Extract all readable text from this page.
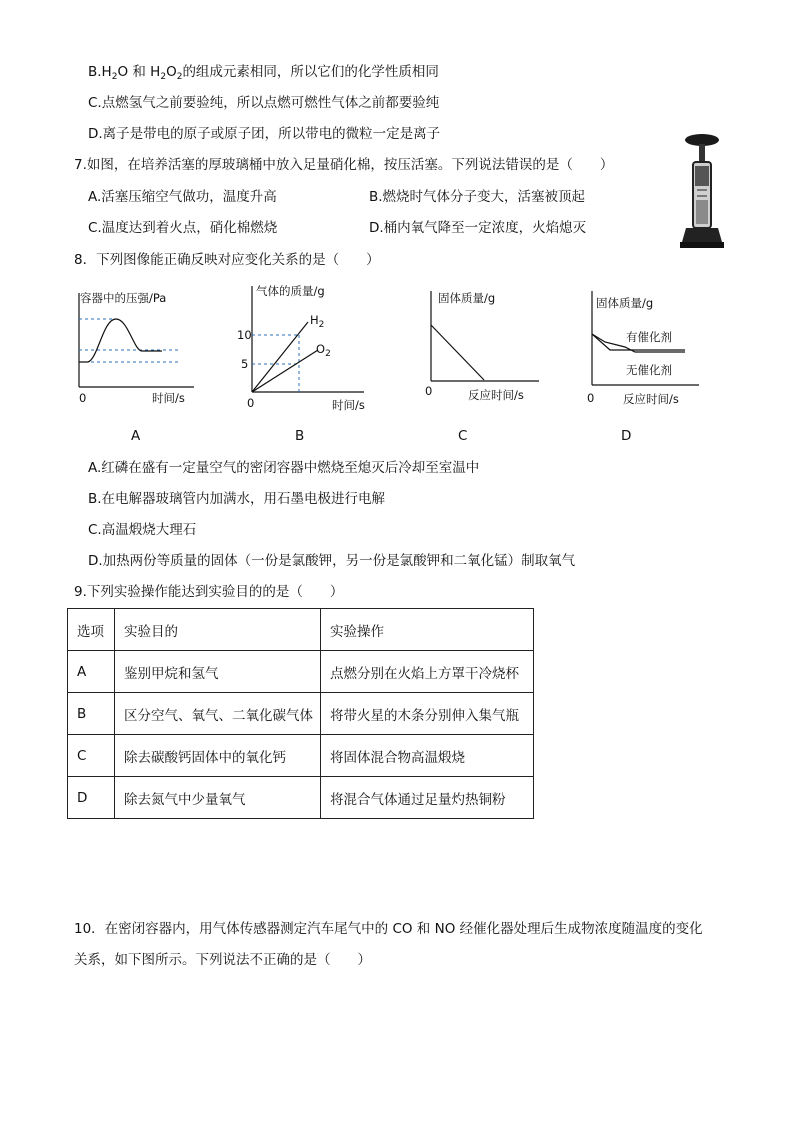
$B.H_2O$ 和 $H_2O_2$的组成元素相同，所以它们的化学性质相同
C.点燃氢气之前要验纯，所以点燃可燃性气体之前都要验纯
D.离子是带电的原子或原子团，所以带电的微粒一定是离子
7.如图，在培养活塞的厚玻璃桶中放入足量硝化棉，按压活塞。下列说法错误的是（　　）
A.活塞压缩空气做功，温度升高	B.燃烧时气体分子变大，活塞被顶起
C.温度达到着火点，硝化棉燃烧	D.桶内氧气降至一定浓度，火焰熄灭
8．下列图像能正确反映对应变化关系的是（　　）
容器中的压强/Pa
0	时间/s
气体的质量/g
10
5
$H_2$
$O_2$
0	时间/s
固体质量/g
0	反应时间/s
固体质量/g
有催化剂
无催化剂
0 反应时间/s
A	B	C	D
A.红磷在盛有一定量空气的密闭容器中燃烧至熄灭后冷却至室温中
B.在电解器玻璃管内加满水，用石墨电极进行电解
C.高温煅烧大理石
D.加热两份等质量的固体（一份是氯酸钾，另一份是氯酸钾和二氧化锰）制取氧气
9.下列实验操作能达到实验目的的是（　　）
选项	实验目的	实验操作
A	鉴别甲烷和氢气	点燃分别在火焰上方罩干冷烧杯
B	区分空气、氧气、二氧化碳气体	将带火星的木条分别伸入集气瓶
C	除去碳酸钙固体中的氧化钙	将固体混合物高温煅烧
D	除去氮气中少量氧气	将混合气体通过足量灼热铜粉
10．在密闭容器内，用气体传感器测定汽车尾气中的 CO 和 NO 经催化器处理后生成物浓度随温度的变化
关系，如下图所示。下列说法不正确的是（　　）
